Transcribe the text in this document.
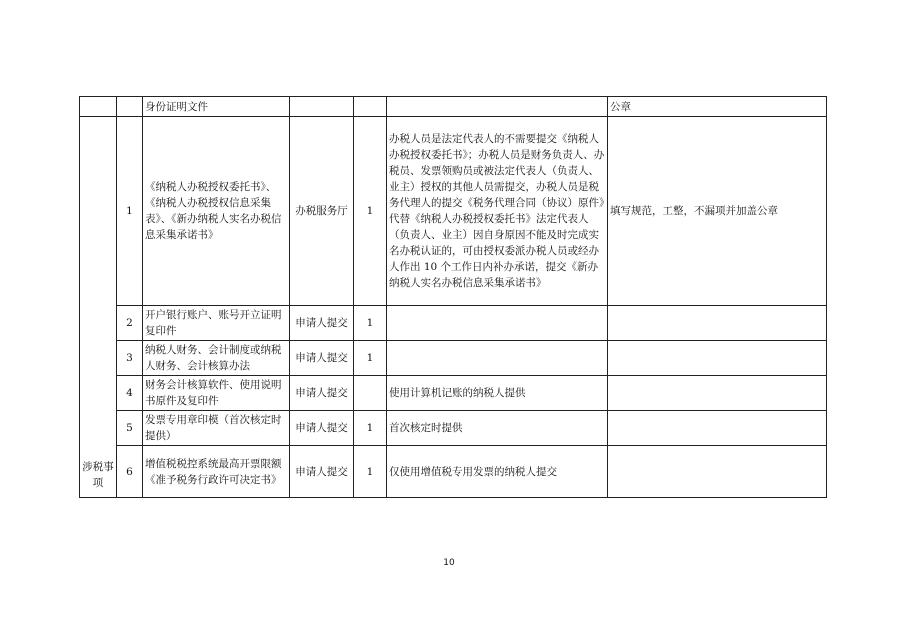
		身份证明文件				公章
涉税事项	1	《纳税人办税授权委托书》、《纳税人办税授权信息采集表》、《新办纳税人实名办税信息采集承诺书》	办税服务厅	1	办税人员是法定代表人的不需要提交《纳税人办税授权委托书》；办税人员是财务负责人、办税员、发票领购员或被法定代表人（负责人、业主）授权的其他人员需提交，办税人员是税务代理人的提交《税务代理合同（协议）原件》代替《纳税人办税授权委托书》法定代表人（负责人、业主）因自身原因不能及时完成实名办税认证的，可由授权委派办税人员或经办人作出 10 个工作日内补办承诺，提交《新办纳税人实名办税信息采集承诺书》	填写规范，工整，不漏项并加盖公章
	2	开户银行账户、账号开立证明复印件	申请人提交	1		
	3	纳税人财务、会计制度或纳税人财务、会计核算办法	申请人提交	1		
	4	财务会计核算软件、使用说明书原件及复印件	申请人提交		使用计算机记账的纳税人提供	
	5	发票专用章印模（首次核定时提供）	申请人提交	1	首次核定时提供	
	6	增值税税控系统最高开票限额《准予税务行政许可决定书》	申请人提交	1	仅使用增值税专用发票的纳税人提交	
10
